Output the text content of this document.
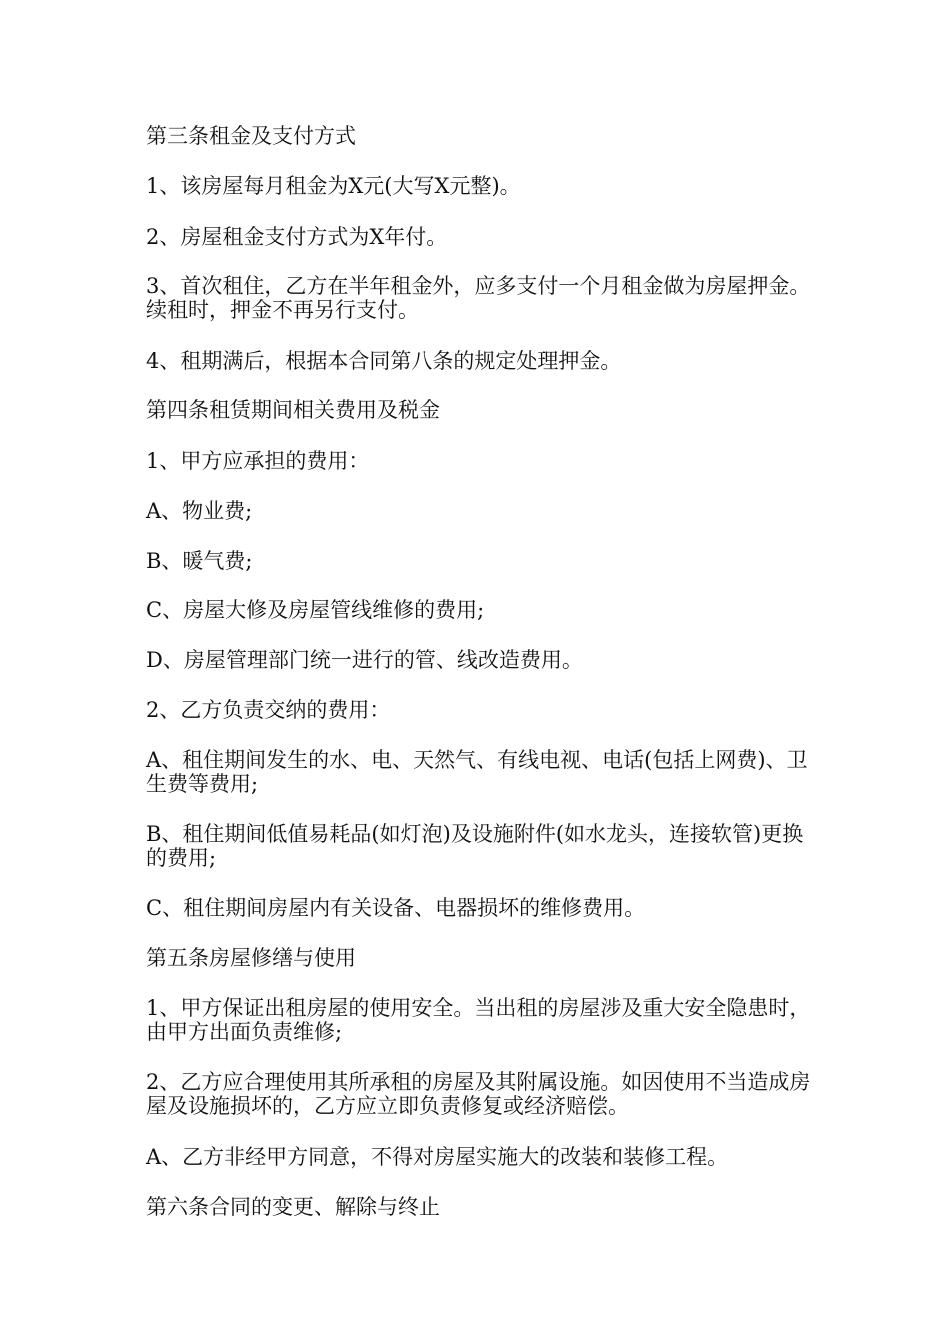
第三条租金及支付方式

1、该房屋每月租金为X元(大写X元整)。

2、房屋租金支付方式为X年付。

3、首次租住，乙方在半年租金外，应多支付一个月租金做为房屋押金。续租时，押金不再另行支付。

4、租期满后，根据本合同第八条的规定处理押金。

第四条租赁期间相关费用及税金

1、甲方应承担的费用：

A、物业费;

B、暖气费;

C、房屋大修及房屋管线维修的费用;

D、房屋管理部门统一进行的管、线改造费用。

2、乙方负责交纳的费用：

A、租住期间发生的水、电、天然气、有线电视、电话(包括上网费)、卫生费等费用;

B、租住期间低值易耗品(如灯泡)及设施附件(如水龙头，连接软管)更换的费用;

C、租住期间房屋内有关设备、电器损坏的维修费用。

第五条房屋修缮与使用

1、甲方保证出租房屋的使用安全。当出租的房屋涉及重大安全隐患时，由甲方出面负责维修;

2、乙方应合理使用其所承租的房屋及其附属设施。如因使用不当造成房屋及设施损坏的，乙方应立即负责修复或经济赔偿。

A、乙方非经甲方同意，不得对房屋实施大的改装和装修工程。

第六条合同的变更、解除与终止
